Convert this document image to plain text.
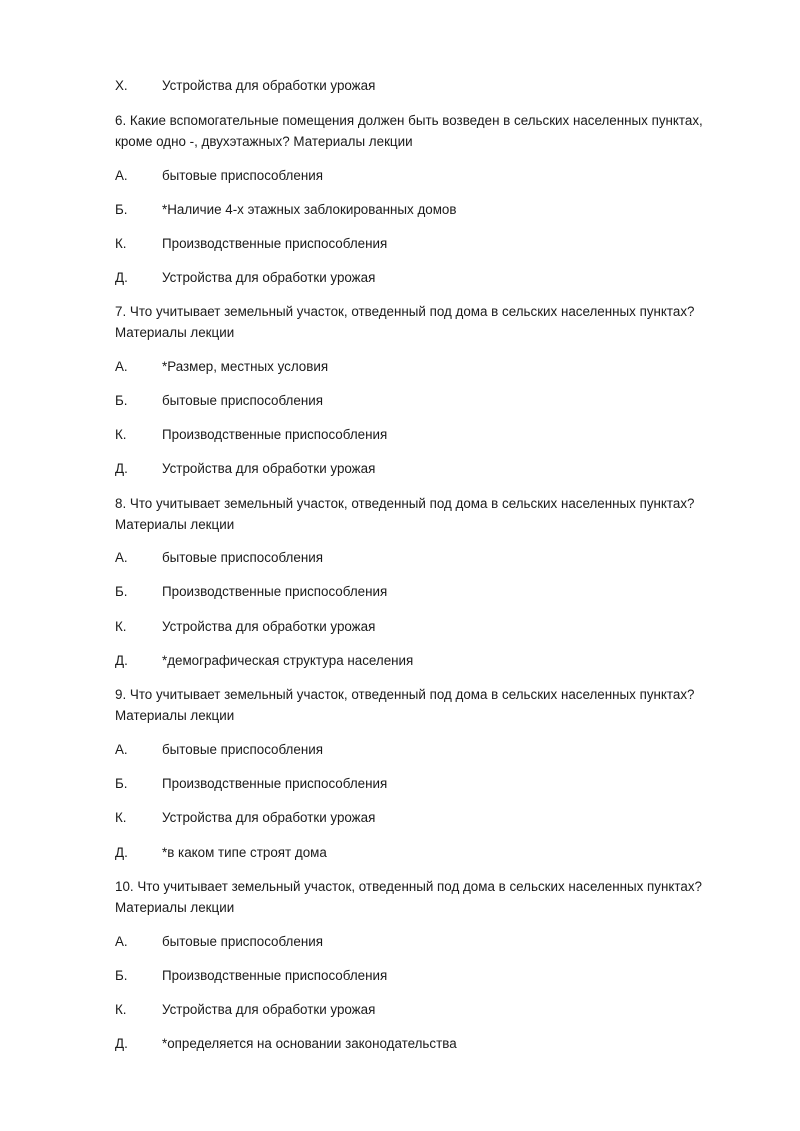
Х.	Устройства для обработки урожая
6. Какие вспомогательные помещения должен быть возведен в сельских населенных пунктах, кроме одно -, двухэтажных? Материалы лекции
А.	бытовые приспособления
Б.	*Наличие 4-х этажных заблокированных домов
К.	Производственные приспособления
Д.	Устройства для обработки урожая
7. Что учитывает земельный участок, отведенный под дома в сельских населенных пунктах? Материалы лекции
А.	*Размер, местных условия
Б.	бытовые приспособления
К.	Производственные приспособления
Д.	Устройства для обработки урожая
8. Что учитывает земельный участок, отведенный под дома в сельских населенных пунктах? Материалы лекции
А.	бытовые приспособления
Б.	Производственные приспособления
К.	Устройства для обработки урожая
Д.	*демографическая структура населения
9. Что учитывает земельный участок, отведенный под дома в сельских населенных пунктах? Материалы лекции
А.	бытовые приспособления
Б.	Производственные приспособления
К.	Устройства для обработки урожая
Д.	*в каком типе строят дома
10. Что учитывает земельный участок, отведенный под дома в сельских населенных пунктах? Материалы лекции
А.	бытовые приспособления
Б.	Производственные приспособления
К.	Устройства для обработки урожая
Д.	*определяется на основании законодательства
